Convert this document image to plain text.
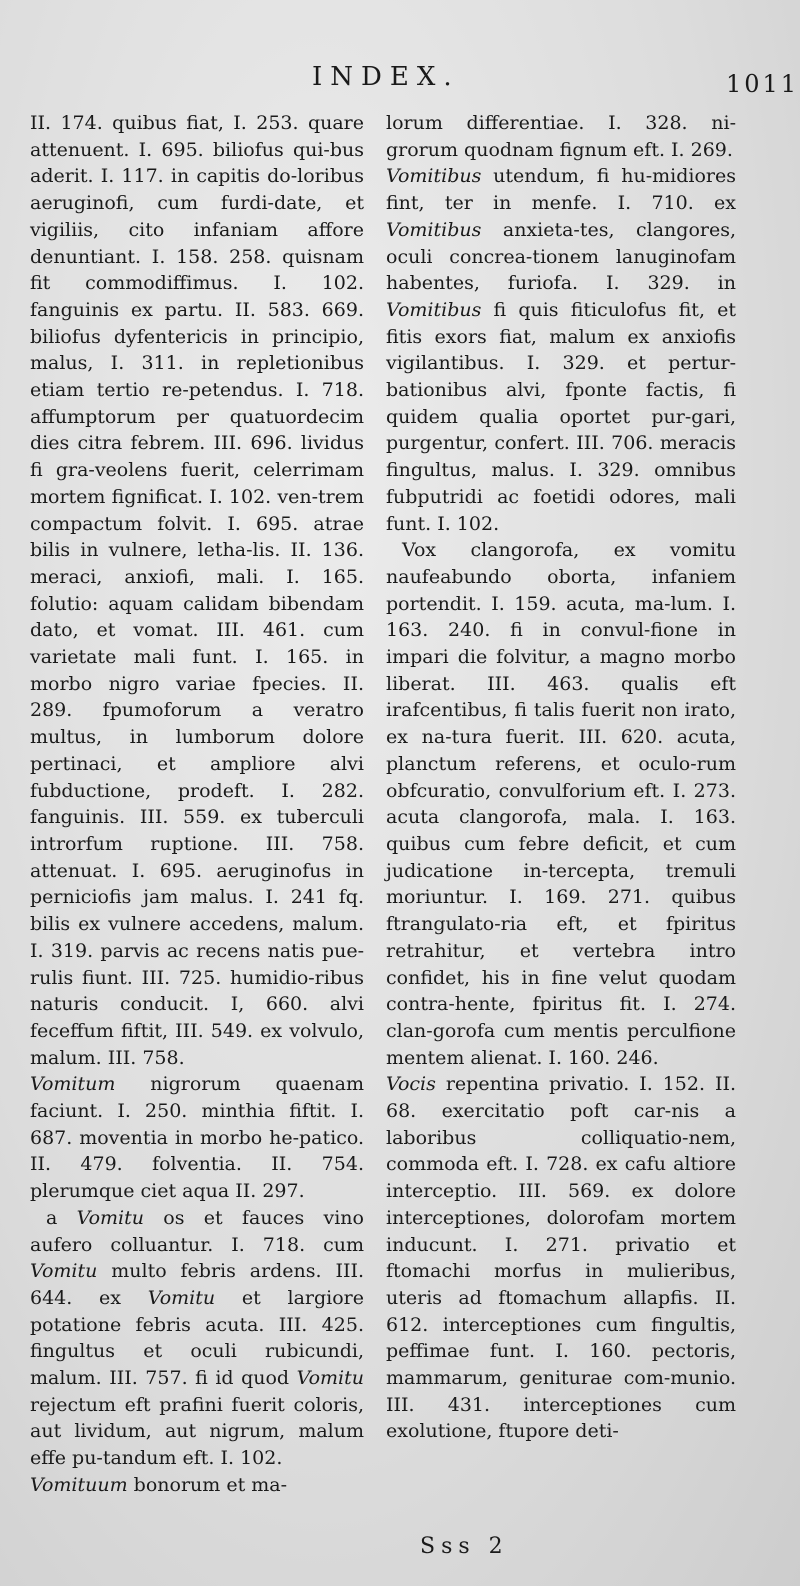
INDEX.	1011

II. 174. quibus fiat, I. 253. quare attenuent. I. 695. biliofus qui-bus aderit. I. 117. in capitis do-loribus aeruginofi, cum furdi-date, et vigiliis, cito infaniam affore denuntiant. I. 158. 258. quisnam fit commodiffimus. I. 102. fanguinis ex partu. II. 583. 669. biliofus dyfentericis in principio, malus, I. 311. in repletionibus etiam tertio re-petendus. I. 718. affumptorum per quatuordecim dies citra febrem. III. 696. lividus fi gra-veolens fuerit, celerrimam mortem fignificat. I. 102. ven-trem compactum folvit. I. 695. atrae bilis in vulnere, letha-lis. II. 136. meraci, anxiofi, mali. I. 165. folutio: aquam calidam bibendam dato, et vomat. III. 461. cum varietate mali funt. I. 165. in morbo nigro variae fpecies. II. 289. fpumoforum a veratro multus, in lumborum dolore pertinaci, et ampliore alvi fubductione, prodeft. I. 282. fanguinis. III. 559. ex tuberculi introrfum ruptione. III. 758. attenuat. I. 695. aeruginofus in perniciofis jam malus. I. 241 fq. bilis ex vulnere accedens, malum. I. 319. parvis ac recens natis pue-rulis fiunt. III. 725. humidio-ribus naturis conducit. I, 660. alvi feceffum fiftit, III. 549. ex volvulo, malum. III. 758.

Vomitum nigrorum quaenam faciunt. I. 250. minthia fiftit. I. 687. moventia in morbo he-patico. II. 479. folventia. II. 754. plerumque ciet aqua II. 297.

a Vomitu os et fauces vino aufero colluantur. I. 718. cum Vomitu multo febris ardens. III. 644. ex Vomitu et largiore potatione febris acuta. III. 425. fingultus et oculi rubicundi, malum. III. 757. fi id quod Vomitu rejectum eft prafini fuerit coloris, aut lividum, aut nigrum, malum effe pu-tandum eft. I. 102.

Vomituum bonorum et ma-

lorum differentiae. I. 328. ni-grorum quodnam fignum eft. I. 269.

Vomitibus utendum, fi hu-midiores fint, ter in menfe. I. 710. ex Vomitibus anxieta-tes, clangores, oculi concrea-tionem lanuginofam habentes, furiofa. I. 329. in Vomitibus fi quis fiticulofus fit, et fitis exors fiat, malum ex anxiofis vigilantibus. I. 329. et pertur-bationibus alvi, fponte factis, fi quidem qualia oportet pur-gari, purgentur, confert. III. 706. meracis fingultus, malus. I. 329. omnibus fubputridi ac foetidi odores, mali funt. I. 102.

Vox clangorofa, ex vomitu naufeabundo oborta, infaniem portendit. I. 159. acuta, ma-lum. I. 163. 240. fi in convul-fione in impari die folvitur, a magno morbo liberat. III. 463. qualis eft irafcentibus, fi talis fuerit non irato, ex na-tura fuerit. III. 620. acuta, planctum referens, et oculo-rum obfcuratio, convulforium eft. I. 273. acuta clangorofa, mala. I. 163. quibus cum febre deficit, et cum judicatione in-tercepta, tremuli moriuntur. I. 169. 271. quibus ftrangulato-ria eft, et fpiritus retrahitur, et vertebra intro confidet, his in fine velut quodam contra-hente, fpiritus fit. I. 274. clan-gorofa cum mentis perculfione mentem alienat. I. 160. 246.

Vocis repentina privatio. I. 152. II. 68. exercitatio poft car-nis a laboribus colliquatio-nem, commoda eft. I. 728. ex cafu altiore interceptio. III. 569. ex dolore interceptiones, dolorofam mortem inducunt. I. 271. privatio et ftomachi morfus in mulieribus, uteris ad ftomachum allapfis. II. 612. interceptiones cum fingultis, peffimae funt. I. 160. pectoris, mammarum, geniturae com-munio. III. 431. interceptiones cum exolutione, ftupore deti-

Sss 2
